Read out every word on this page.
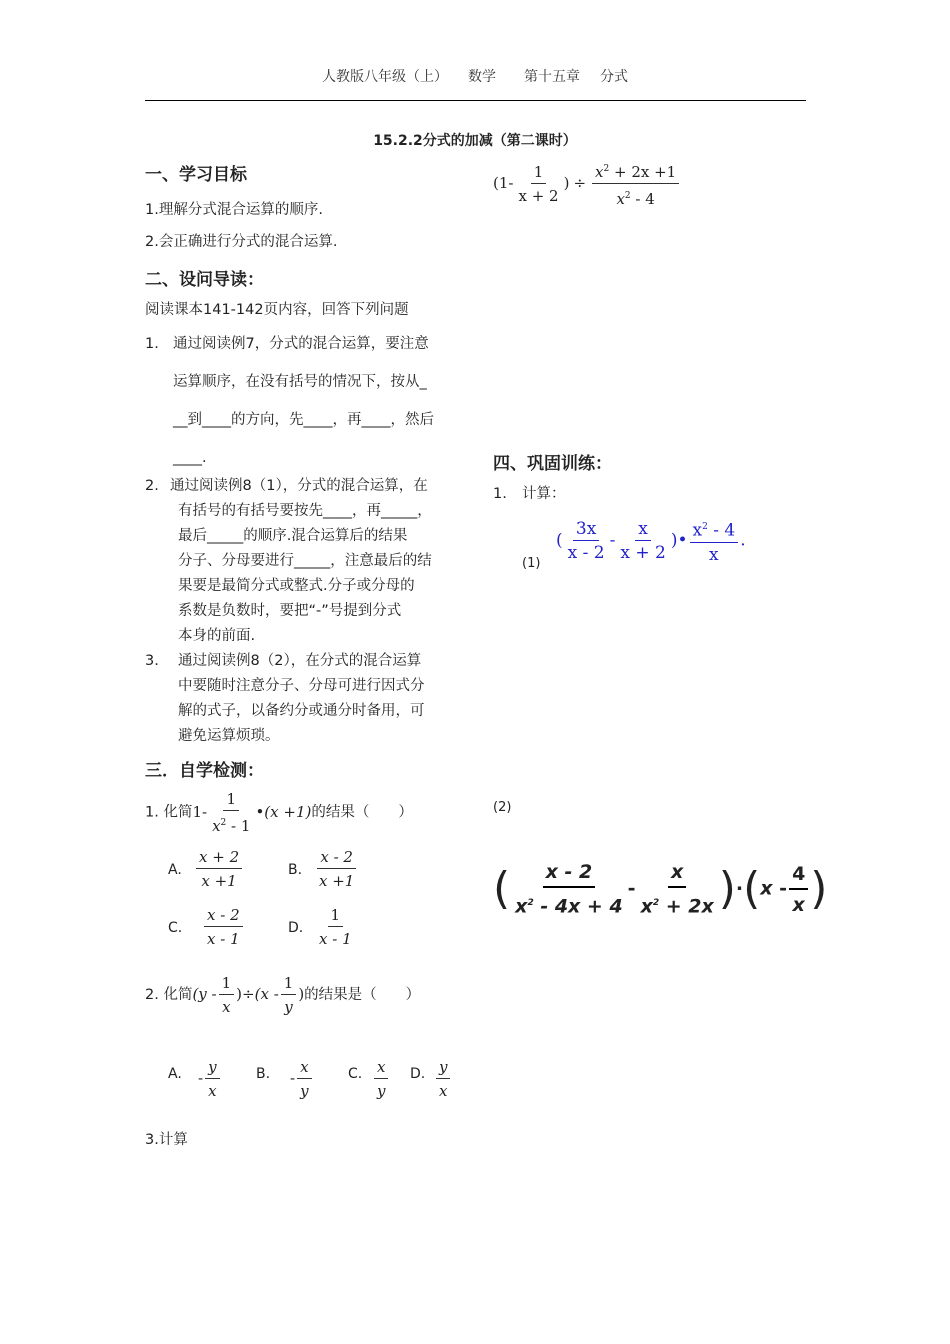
人教版八年级（上） 数学 第十五章 分式
15.2.2分式的加减（第二课时）
一、学习目标
1.理解分式混合运算的顺序.
2.会正确进行分式的混合运算.
($1- \frac{1}{x + 2}$ ) ÷ $\frac{x^2 + 2x +1}{x^2 - 4}$
二、设问导读：
阅读课本141-142页内容，回答下列问题
1. 通过阅读例7，分式的混合运算，要注意
运算顺序，在没有括号的情况下，按从_
__到____的方向，先____，再____，然后
____.
2. 通过阅读例8（1），分式的混合运算，在
有括号的有括号要按先____，再_____，
最后_____的顺序.混合运算后的结果
分子、分母要进行_____，注意最后的结
果要是最简分式或整式.分子或分母的
系数是负数时，要把“-”号提到分式
本身的前面.
3. 通过阅读例8（2），在分式的混合运算
中要随时注意分子、分母可进行因式分
解的式子，以备约分或通分时备用，可
避免运算烦琐。
三．自学检测：
1. 化简$1- \frac{1}{x^2 - 1}$ •(x +1)的结果（　　）
A. $\frac{x + 2}{x +1}$	B. $\frac{x - 2}{x +1}$
C. $\frac{x - 2}{x - 1}$	D. $\frac{1}{x - 1}$
2. 化简$(y - \frac{1}{x} )\div(x - \frac{1}{y}$ )的结果是（　　）
A. - $\frac{y}{x}$	B. - $\frac{x}{y}$	C. $\frac{x}{y} D$. $\frac{y}{x}$
3.计算
四、巩固训练：
1. 计算：
(1)
( $\frac{3x}{x - 2} - \frac{x}{x + 2}$ )• $\frac{x^2 - 4}{x}$ .
(2)
( $\frac{x - 2}{x^2 - 4x + 4} - \frac{x}{x^2 + 2x} )\cdot(x - \frac{4}{x}$ )
